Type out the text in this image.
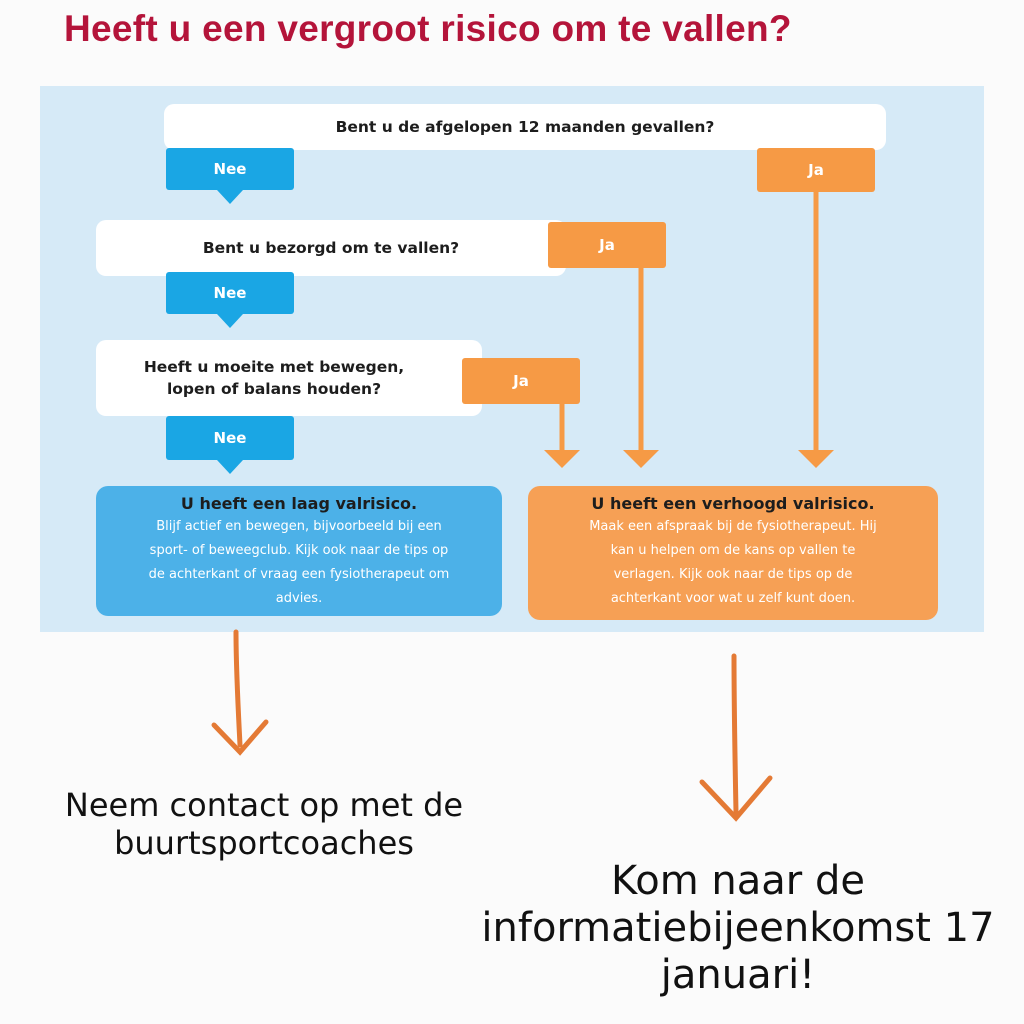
Heeft u een vergroot risico om te vallen?
Bent u de afgelopen 12 maanden gevallen?
Nee	Ja
Bent u bezorgd om te vallen?
Nee
Ja
Heeft u moeite met bewegen, lopen of balans houden?
Nee
Ja
U heeft een laag valrisico.
Blijf actief en bewegen, bijvoorbeeld bij een sport- of beweegclub. Kijk ook naar de tips op de achterkant of vraag een fysiotherapeut om advies.
U heeft een verhoogd valrisico.
Maak een afspraak bij de fysiotherapeut. Hij kan u helpen om de kans op vallen te verlagen. Kijk ook naar de tips op de achterkant voor wat u zelf kunt doen.
Neem contact op met de buurtsportcoaches
Kom naar de informatiebijeenkomst 17 januari!
